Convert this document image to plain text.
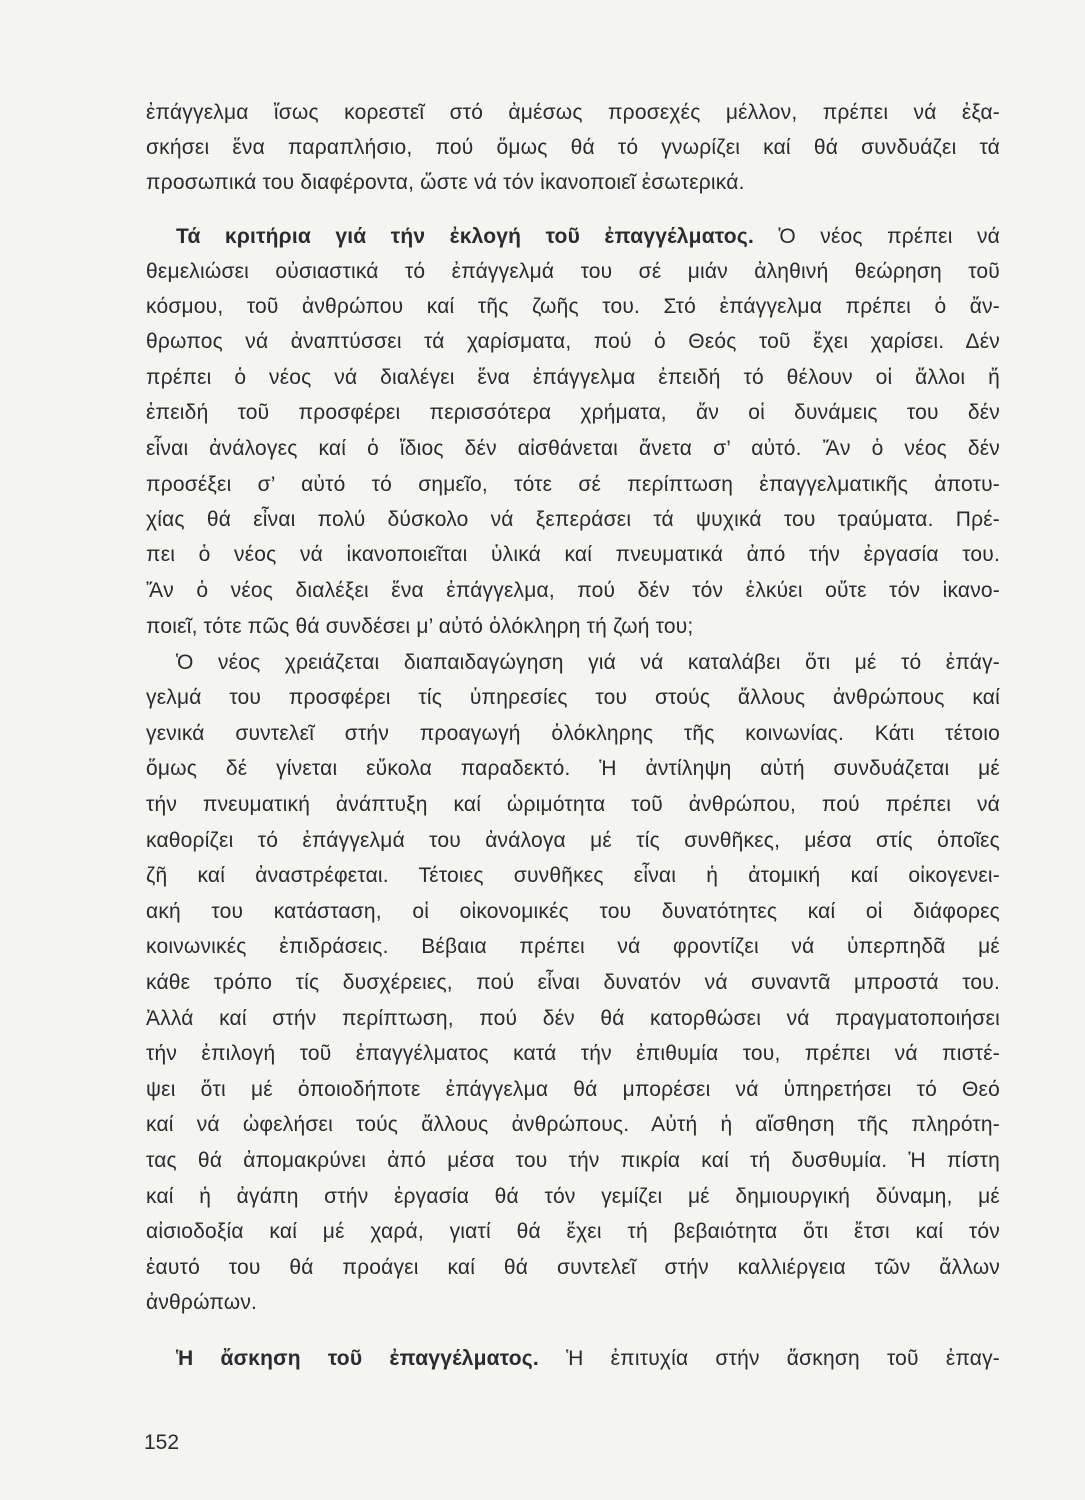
ἐπάγγελμα ἴσως κορεστεῖ στό ἀμέσως προσεχές μέλλον, πρέπει νά ἐξα-
σκήσει ἕνα παραπλήσιο, πού ὅμως θά τό γνωρίζει καί θά συνδυάζει τά
προσωπικά του διαφέροντα, ὥστε νά τόν ἱκανοποιεῖ ἐσωτερικά.
Τά κριτήρια γιά τήν ἐκλογή τοῦ ἐπαγγέλματος. Ὁ νέος πρέπει νά
θεμελιώσει οὐσιαστικά τό ἐπάγγελμά του σέ μιάν ἀληθινή θεώρηση τοῦ
κόσμου, τοῦ ἀνθρώπου καί τῆς ζωῆς του. Στό ἐπάγγελμα πρέπει ὁ ἄν-
θρωπος νά ἀναπτύσσει τά χαρίσματα, πού ὁ Θεός τοῦ ἔχει χαρίσει. Δέν
πρέπει ὁ νέος νά διαλέγει ἕνα ἐπάγγελμα ἐπειδή τό θέλουν οἱ ἄλλοι ἤ
ἐπειδή τοῦ προσφέρει περισσότερα χρήματα, ἄν οἱ δυνάμεις του δέν
εἶναι ἀνάλογες καί ὁ ἴδιος δέν αἰσθάνεται ἄνετα σ’ αὐτό. Ἄν ὁ νέος δέν
προσέξει σ’ αὐτό τό σημεῖο, τότε σέ περίπτωση ἐπαγγελματικῆς ἀποτυ-
χίας θά εἶναι πολύ δύσκολο νά ξεπεράσει τά ψυχικά του τραύματα. Πρέ-
πει ὁ νέος νά ἱκανοποιεῖται ὑλικά καί πνευματικά ἀπό τήν ἐργασία του.
Ἄν ὁ νέος διαλέξει ἕνα ἐπάγγελμα, πού δέν τόν ἑλκύει οὔτε τόν ἱκανο-
ποιεῖ, τότε πῶς θά συνδέσει μ’ αὐτό ὁλόκληρη τή ζωή του;
Ὁ νέος χρειάζεται διαπαιδαγώγηση γιά νά καταλάβει ὅτι μέ τό ἐπάγ-
γελμά του προσφέρει τίς ὑπηρεσίες του στούς ἄλλους ἀνθρώπους καί
γενικά συντελεῖ στήν προαγωγή ὁλόκληρης τῆς κοινωνίας. Κάτι τέτοιο
ὅμως δέ γίνεται εὔκολα παραδεκτό. Ἡ ἀντίληψη αὐτή συνδυάζεται μέ
τήν πνευματική ἀνάπτυξη καί ὡριμότητα τοῦ ἀνθρώπου, πού πρέπει νά
καθορίζει τό ἐπάγγελμά του ἀνάλογα μέ τίς συνθῆκες, μέσα στίς ὁποῖες
ζῆ καί ἀναστρέφεται. Τέτοιες συνθῆκες εἶναι ἡ ἀτομική καί οἰκογενει-
ακή του κατάσταση, οἱ οἰκονομικές του δυνατότητες καί οἱ διάφορες
κοινωνικές ἐπιδράσεις. Βέβαια πρέπει νά φροντίζει νά ὑπερπηδᾶ μέ
κάθε τρόπο τίς δυσχέρειες, πού εἶναι δυνατόν νά συναντᾶ μπροστά του.
Ἀλλά καί στήν περίπτωση, πού δέν θά κατορθώσει νά πραγματοποιήσει
τήν ἐπιλογή τοῦ ἐπαγγέλματος κατά τήν ἐπιθυμία του, πρέπει νά πιστέ-
ψει ὅτι μέ ὁποιοδήποτε ἐπάγγελμα θά μπορέσει νά ὑπηρετήσει τό Θεό
καί νά ὠφελήσει τούς ἄλλους ἀνθρώπους. Αὐτή ἡ αἴσθηση τῆς πληρότη-
τας θά ἀπομακρύνει ἀπό μέσα του τήν πικρία καί τή δυσθυμία. Ἡ πίστη
καί ἡ ἀγάπη στήν ἐργασία θά τόν γεμίζει μέ δημιουργική δύναμη, μέ
αἰσιοδοξία καί μέ χαρά, γιατί θά ἔχει τή βεβαιότητα ὅτι ἔτσι καί τόν
ἑαυτό του θά προάγει καί θά συντελεῖ στήν καλλιέργεια τῶν ἄλλων
ἀνθρώπων.
Ἡ ἄσκηση τοῦ ἐπαγγέλματος. Ἡ ἐπιτυχία στήν ἄσκηση τοῦ ἐπαγ-
152
